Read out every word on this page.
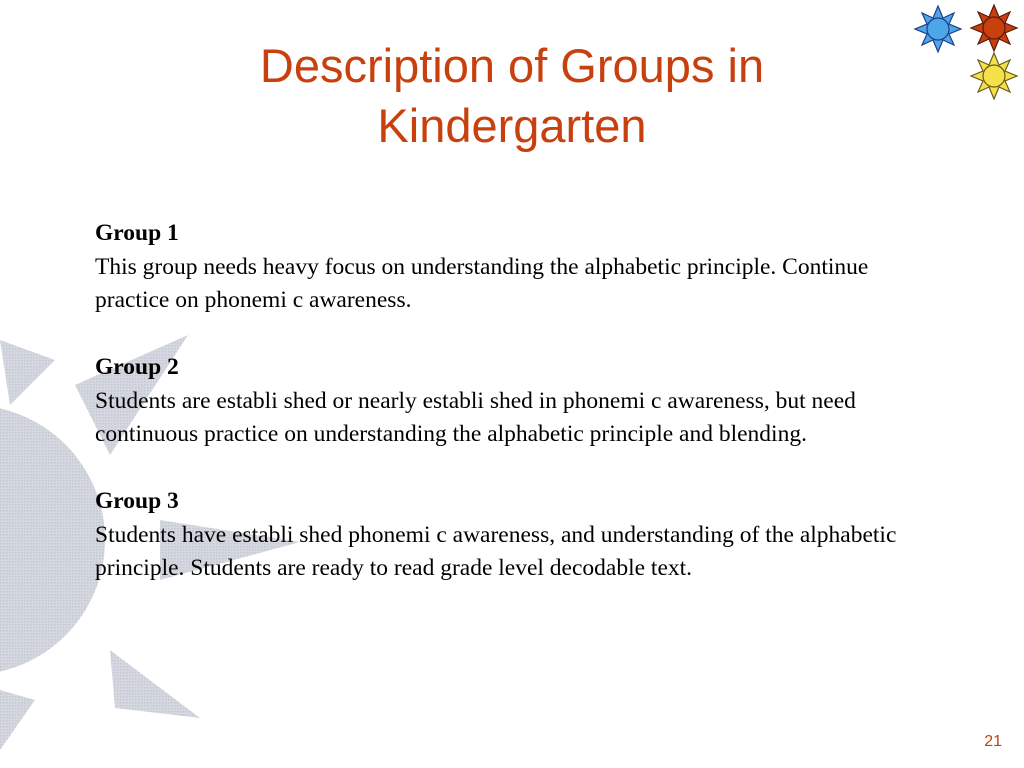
Description of Groups in Kindergarten
Group 1
This group needs heavy focus on understanding the alphabetic principle. Continue practice on phonemi c awareness.
Group 2
Students are establi shed or nearly establi shed in phonemi c awareness, but need continuous practice on understanding the alphabetic principle and blending.
Group 3
Students have establi shed phonemi c awareness, and understanding of the alphabetic principle. Students are ready to read grade level decodable text.
21
